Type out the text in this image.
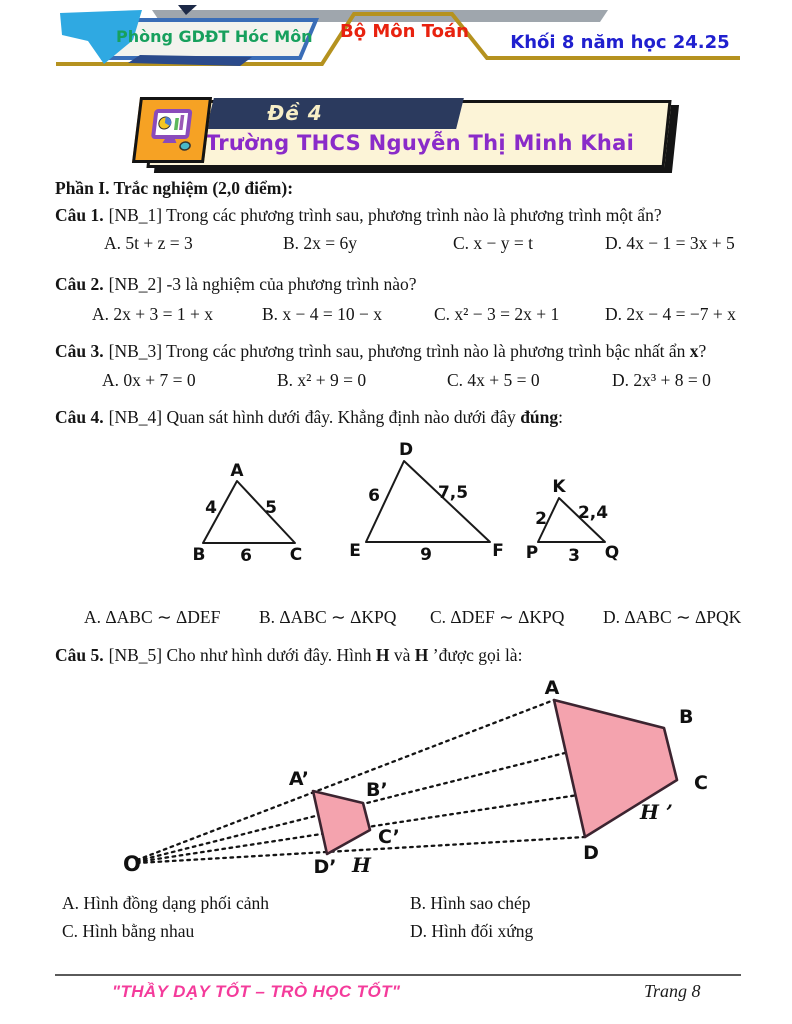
Phòng GDĐT Hóc Môn Bộ Môn Toán
Khối 8 năm học 24.25
Đề 4
Trường THCS Nguyễn Thị Minh Khai
Phần I. Trắc nghiệm (2,0 điểm):
Câu 1. [NB_1] Trong các phương trình sau, phương trình nào là phương trình một ẩn?
A. 5t + z = 3	B. 2x = 6y	C. x − y = t	D. 4x − 1 = 3x + 5
Câu 2. [NB_2] -3 là nghiệm của phương trình nào?
A. 2x + 3 = 1 + x	B. x − 4 = 10 − x	C. x² − 3 = 2x + 1	D. 2x − 4 = −7 + x
Câu 3. [NB_3] Trong các phương trình sau, phương trình nào là phương trình bậc nhất ẩn x?
A. 0x + 7 = 0	B. x² + 9 = 0	C. 4x + 5 = 0	D. 2x³ + 8 = 0
Câu 4. [NB_4] Quan sát hình dưới đây. Khẳng định nào dưới đây đúng:
A
B	C
4	5
6
D
E	F
6	7,5
9
K
P	Q
2 2,4
3
A. ΔABC ∼ ΔDEF B. ΔABC ∼ ΔKPQ C. ΔDEF ∼ ΔKPQ D. ΔABC ∼ ΔPQK
Câu 5. [NB_5] Cho như hình dưới đây. Hình H và H ’được gọi là:
O
A
B
C
D
A’	B’
C’
D’ H
H ’
A. Hình đồng dạng phối cảnh	B. Hình sao chép
C. Hình bằng nhau	D. Hình đối xứng
"THẦY DẠY TỐT – TRÒ HỌC TỐT"	Trang 8
